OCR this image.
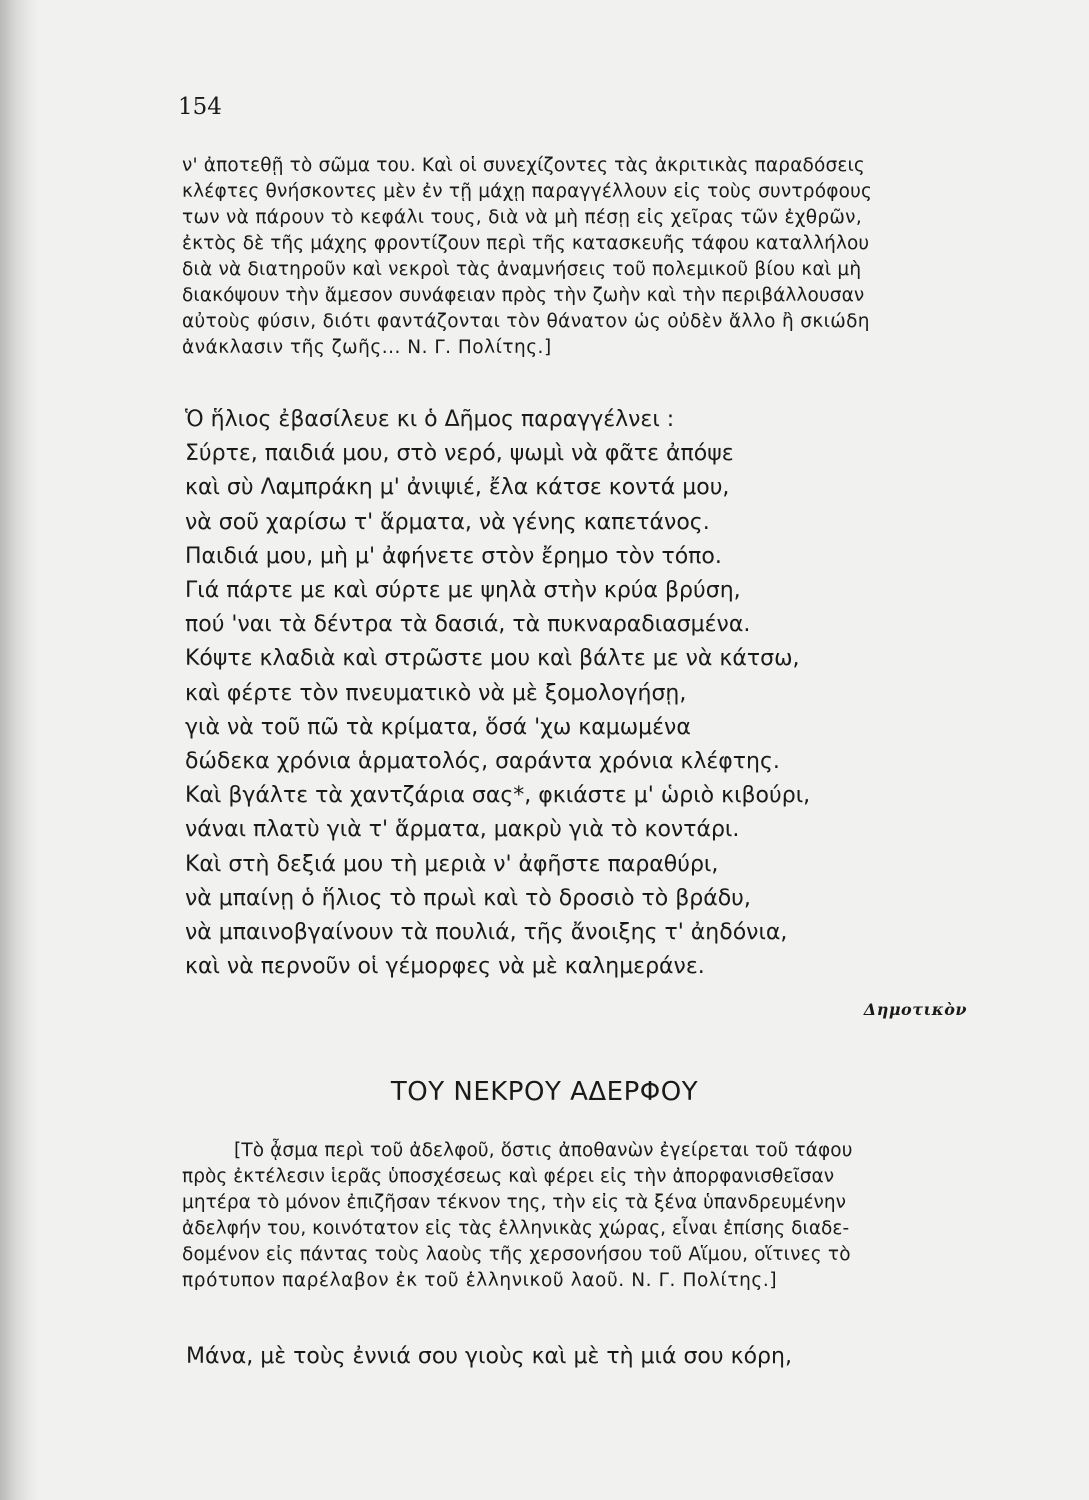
154
ν' ἀποτεθῇ τὸ σῶμα του. Καὶ οἱ συνεχίζοντες τὰς ἀκριτικὰς παραδόσεις
κλέφτες θνήσκοντες μὲν ἐν τῇ μάχῃ παραγγέλλουν εἰς τοὺς συντρόφους
των νὰ πάρουν τὸ κεφάλι τους, διὰ νὰ μὴ πέσῃ εἰς χεῖρας τῶν ἐχθρῶν,
ἐκτὸς δὲ τῆς μάχης φροντίζουν περὶ τῆς κατασκευῆς τάφου καταλλήλου
διὰ νὰ διατηροῦν καὶ νεκροὶ τὰς ἀναμνήσεις τοῦ πολεμικοῦ βίου καὶ μὴ
διακόψουν τὴν ἄμεσον συνάφειαν πρὸς τὴν ζωὴν καὶ τὴν περιβάλλουσαν
αὐτοὺς φύσιν, διότι φαντάζονται τὸν θάνατον ὡς οὐδὲν ἄλλο ἢ σκιώδη
ἀνάκλασιν τῆς ζωῆς... Ν. Γ. Πολίτης.]
Ὁ ἥλιος ἐβασίλευε κι ὁ Δῆμος παραγγέλνει :
Σύρτε, παιδιά μου, στὸ νερό, ψωμὶ νὰ φᾶτε ἀπόψε
καὶ σὺ Λαμπράκη μ' ἀνιψιέ, ἔλα κάτσε κοντά μου,
νὰ σοῦ χαρίσω τ' ἅρματα, νὰ γένης καπετάνος.
Παιδιά μου, μὴ μ' ἀφήνετε στὸν ἔρημο τὸν τόπο.
Γιά πάρτε με καὶ σύρτε με ψηλὰ στὴν κρύα βρύση,
πού 'ναι τὰ δέντρα τὰ δασιά, τὰ πυκναραδιασμένα.
Κόψτε κλαδιὰ καὶ στρῶστε μου καὶ βάλτε με νὰ κάτσω,
καὶ φέρτε τὸν πνευματικὸ νὰ μὲ ξομολογήσῃ,
γιὰ νὰ τοῦ πῶ τὰ κρίματα, ὅσά 'χω καμωμένα
δώδεκα χρόνια ἁρματολός, σαράντα χρόνια κλέφτης.
Καὶ βγάλτε τὰ χαντζάρια σας*, φκιάστε μ' ὡριὸ κιβούρι,
νάναι πλατὺ γιὰ τ' ἅρματα, μακρὺ γιὰ τὸ κοντάρι.
Καὶ στὴ δεξιά μου τὴ μεριὰ ν' ἀφῆστε παραθύρι,
νὰ μπαίνῃ ὁ ἥλιος τὸ πρωὶ καὶ τὸ δροσιὸ τὸ βράδυ,
νὰ μπαινοβγαίνουν τὰ πουλιά, τῆς ἄνοιξης τ' ἀηδόνια,
καὶ νὰ περνοῦν οἱ γέμορφες νὰ μὲ καλημεράνε.
Δημοτικὸν
ΤΟΥ ΝΕΚΡΟΥ ΑΔΕΡΦΟΥ
[Τὸ ᾆσμα περὶ τοῦ ἀδελφοῦ, ὅστις ἀποθανὼν ἐγείρεται τοῦ τάφου
πρὸς ἐκτέλεσιν ἱερᾶς ὑποσχέσεως καὶ φέρει εἰς τὴν ἀπορφανισθεῖσαν
μητέρα τὸ μόνον ἐπιζῆσαν τέκνον της, τὴν εἰς τὰ ξένα ὑπανδρευμένην
ἀδελφήν του, κοινότατον εἰς τὰς ἑλληνικὰς χώρας, εἶναι ἐπίσης διαδε-
δομένον εἰς πάντας τοὺς λαοὺς τῆς χερσονήσου τοῦ Αἵμου, οἵτινες τὸ
πρότυπον παρέλαβον ἐκ τοῦ ἑλληνικοῦ λαοῦ. Ν. Γ. Πολίτης.]
Μάνα, μὲ τοὺς ἐννιά σου γιοὺς καὶ μὲ τὴ μιά σου κόρη,
